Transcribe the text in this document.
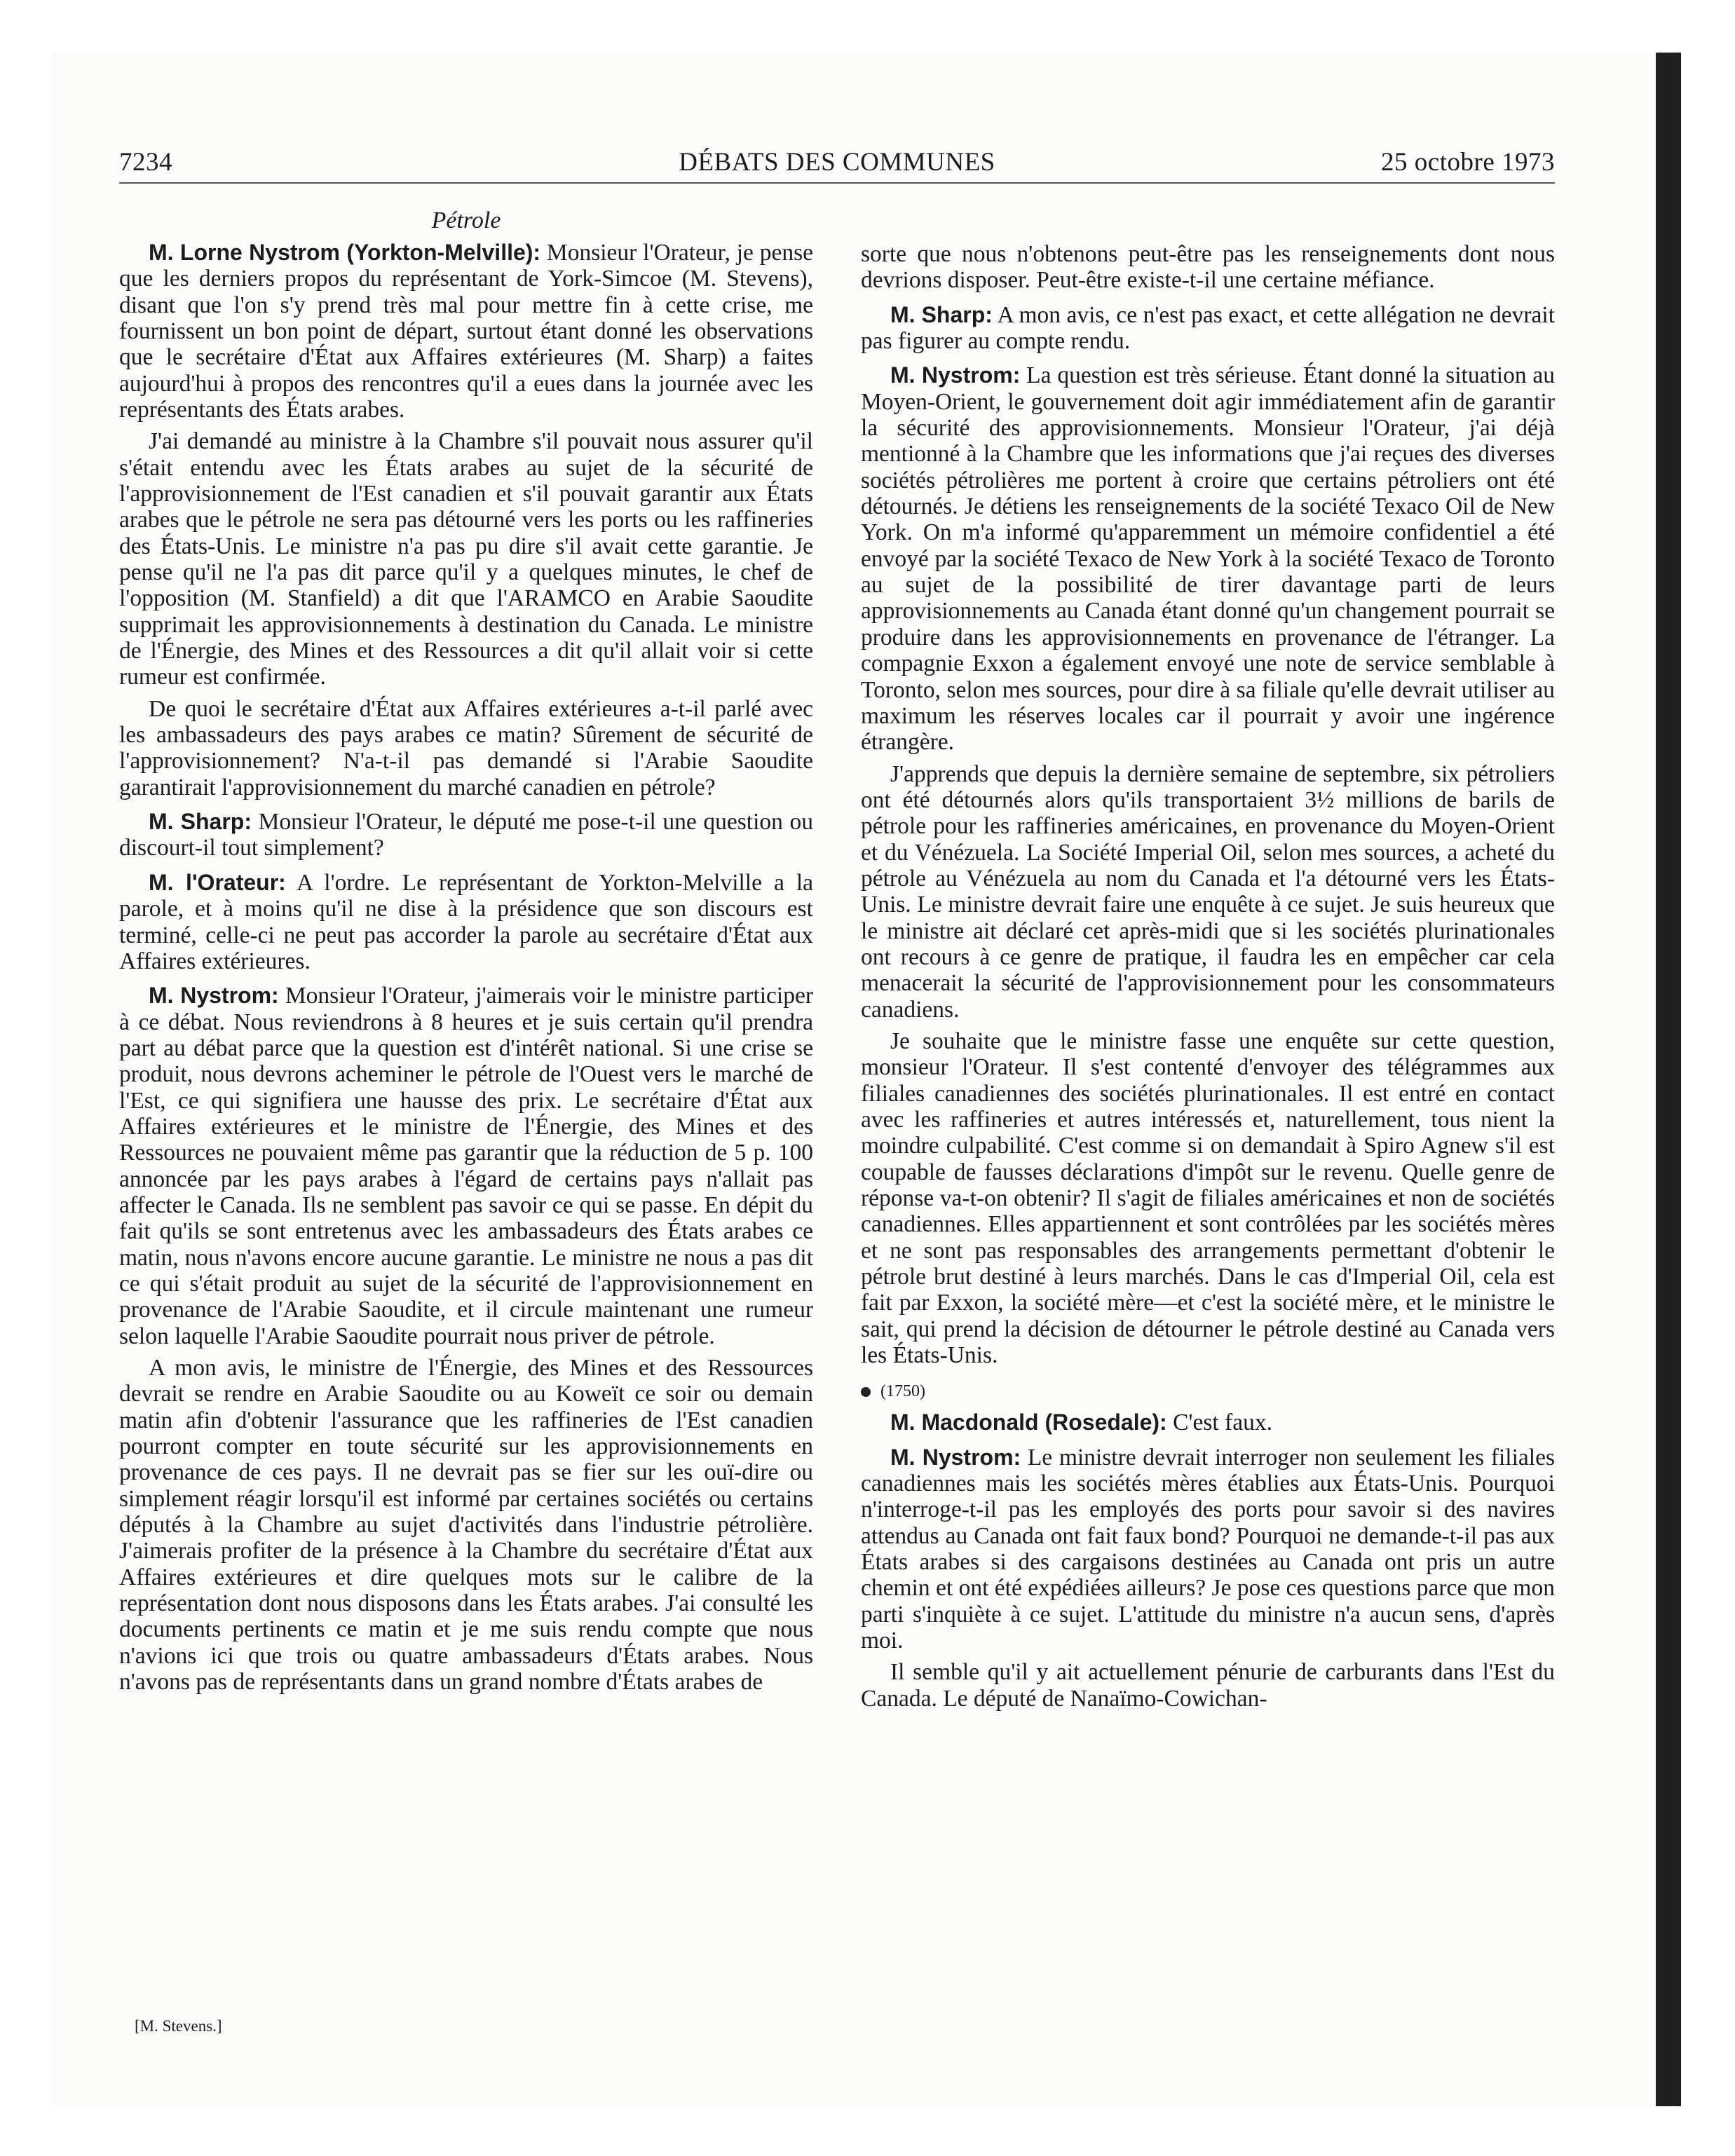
7234	DÉBATS DES COMMUNES	25 octobre 1973
Pétrole

M. Lorne Nystrom (Yorkton-Melville): Monsieur l'Orateur, je pense que les derniers propos du représentant de York-Simcoe (M. Stevens), disant que l'on s'y prend très mal pour mettre fin à cette crise, me fournissent un bon point de départ, surtout étant donné les observations que le secrétaire d'État aux Affaires extérieures (M. Sharp) a faites aujourd'hui à propos des rencontres qu'il a eues dans la journée avec les représentants des États arabes.

J'ai demandé au ministre à la Chambre s'il pouvait nous assurer qu'il s'était entendu avec les États arabes au sujet de la sécurité de l'approvisionnement de l'Est canadien et s'il pouvait garantir aux États arabes que le pétrole ne sera pas détourné vers les ports ou les raffineries des États-Unis. Le ministre n'a pas pu dire s'il avait cette garantie. Je pense qu'il ne l'a pas dit parce qu'il y a quelques minutes, le chef de l'opposition (M. Stanfield) a dit que l'ARAMCO en Arabie Saoudite supprimait les approvisionnements à destination du Canada. Le ministre de l'Énergie, des Mines et des Ressources a dit qu'il allait voir si cette rumeur est confirmée.

De quoi le secrétaire d'État aux Affaires extérieures a-t-il parlé avec les ambassadeurs des pays arabes ce matin? Sûrement de sécurité de l'approvisionnement? N'a-t-il pas demandé si l'Arabie Saoudite garantirait l'approvisionnement du marché canadien en pétrole?

M. Sharp: Monsieur l'Orateur, le député me pose-t-il une question ou discourt-il tout simplement?

M. l'Orateur: A l'ordre. Le représentant de Yorkton-Melville a la parole, et à moins qu'il ne dise à la présidence que son discours est terminé, celle-ci ne peut pas accorder la parole au secrétaire d'État aux Affaires extérieures.

M. Nystrom: Monsieur l'Orateur, j'aimerais voir le ministre participer à ce débat. Nous reviendrons à 8 heures et je suis certain qu'il prendra part au débat parce que la question est d'intérêt national. Si une crise se produit, nous devrons acheminer le pétrole de l'Ouest vers le marché de l'Est, ce qui signifiera une hausse des prix. Le secrétaire d'État aux Affaires extérieures et le ministre de l'Énergie, des Mines et des Ressources ne pouvaient même pas garantir que la réduction de 5 p. 100 annoncée par les pays arabes à l'égard de certains pays n'allait pas affecter le Canada. Ils ne semblent pas savoir ce qui se passe. En dépit du fait qu'ils se sont entretenus avec les ambassadeurs des États arabes ce matin, nous n'avons encore aucune garantie. Le ministre ne nous a pas dit ce qui s'était produit au sujet de la sécurité de l'approvisionnement en provenance de l'Arabie Saoudite, et il circule maintenant une rumeur selon laquelle l'Arabie Saoudite pourrait nous priver de pétrole.

A mon avis, le ministre de l'Énergie, des Mines et des Ressources devrait se rendre en Arabie Saoudite ou au Koweït ce soir ou demain matin afin d'obtenir l'assurance que les raffineries de l'Est canadien pourront compter en toute sécurité sur les approvisionnements en provenance de ces pays. Il ne devrait pas se fier sur les ouï-dire ou simplement réagir lorsqu'il est informé par certaines sociétés ou certains députés à la Chambre au sujet d'activités dans l'industrie pétrolière. J'aimerais profiter de la présence à la Chambre du secrétaire d'État aux Affaires extérieures et dire quelques mots sur le calibre de la représentation dont nous disposons dans les États arabes. J'ai consulté les documents pertinents ce matin et je me suis rendu compte que nous n'avions ici que trois ou quatre ambassadeurs d'États arabes. Nous n'avons pas de représentants dans un grand nombre d'États arabes de

sorte que nous n'obtenons peut-être pas les renseignements dont nous devrions disposer. Peut-être existe-t-il une certaine méfiance.

M. Sharp: A mon avis, ce n'est pas exact, et cette allégation ne devrait pas figurer au compte rendu.

M. Nystrom: La question est très sérieuse. Étant donné la situation au Moyen-Orient, le gouvernement doit agir immédiatement afin de garantir la sécurité des approvisionnements. Monsieur l'Orateur, j'ai déjà mentionné à la Chambre que les informations que j'ai reçues des diverses sociétés pétrolières me portent à croire que certains pétroliers ont été détournés. Je détiens les renseignements de la société Texaco Oil de New York. On m'a informé qu'apparemment un mémoire confidentiel a été envoyé par la société Texaco de New York à la société Texaco de Toronto au sujet de la possibilité de tirer davantage parti de leurs approvisionnements au Canada étant donné qu'un changement pourrait se produire dans les approvisionnements en provenance de l'étranger. La compagnie Exxon a également envoyé une note de service semblable à Toronto, selon mes sources, pour dire à sa filiale qu'elle devrait utiliser au maximum les réserves locales car il pourrait y avoir une ingérence étrangère.

J'apprends que depuis la dernière semaine de septembre, six pétroliers ont été détournés alors qu'ils transportaient 3½ millions de barils de pétrole pour les raffineries américaines, en provenance du Moyen-Orient et du Vénézuela. La Société Imperial Oil, selon mes sources, a acheté du pétrole au Vénézuela au nom du Canada et l'a détourné vers les États-Unis. Le ministre devrait faire une enquête à ce sujet. Je suis heureux que le ministre ait déclaré cet après-midi que si les sociétés plurinationales ont recours à ce genre de pratique, il faudra les en empêcher car cela menacerait la sécurité de l'approvisionnement pour les consommateurs canadiens.

Je souhaite que le ministre fasse une enquête sur cette question, monsieur l'Orateur. Il s'est contenté d'envoyer des télégrammes aux filiales canadiennes des sociétés plurinationales. Il est entré en contact avec les raffineries et autres intéressés et, naturellement, tous nient la moindre culpabilité. C'est comme si on demandait à Spiro Agnew s'il est coupable de fausses déclarations d'impôt sur le revenu. Quelle genre de réponse va-t-on obtenir? Il s'agit de filiales américaines et non de sociétés canadiennes. Elles appartiennent et sont contrôlées par les sociétés mères et ne sont pas responsables des arrangements permettant d'obtenir le pétrole brut destiné à leurs marchés. Dans le cas d'Imperial Oil, cela est fait par Exxon, la société mère—et c'est la société mère, et le ministre le sait, qui prend la décision de détourner le pétrole destiné au Canada vers les États-Unis.

(1750)

M. Macdonald (Rosedale): C'est faux.

M. Nystrom: Le ministre devrait interroger non seulement les filiales canadiennes mais les sociétés mères établies aux États-Unis. Pourquoi n'interroge-t-il pas les employés des ports pour savoir si des navires attendus au Canada ont fait faux bond? Pourquoi ne demande-t-il pas aux États arabes si des cargaisons destinées au Canada ont pris un autre chemin et ont été expédiées ailleurs? Je pose ces questions parce que mon parti s'inquiète à ce sujet. L'attitude du ministre n'a aucun sens, d'après moi.

Il semble qu'il y ait actuellement pénurie de carburants dans l'Est du Canada. Le député de Nanaïmo-Cowichan-

[M. Stevens.]
